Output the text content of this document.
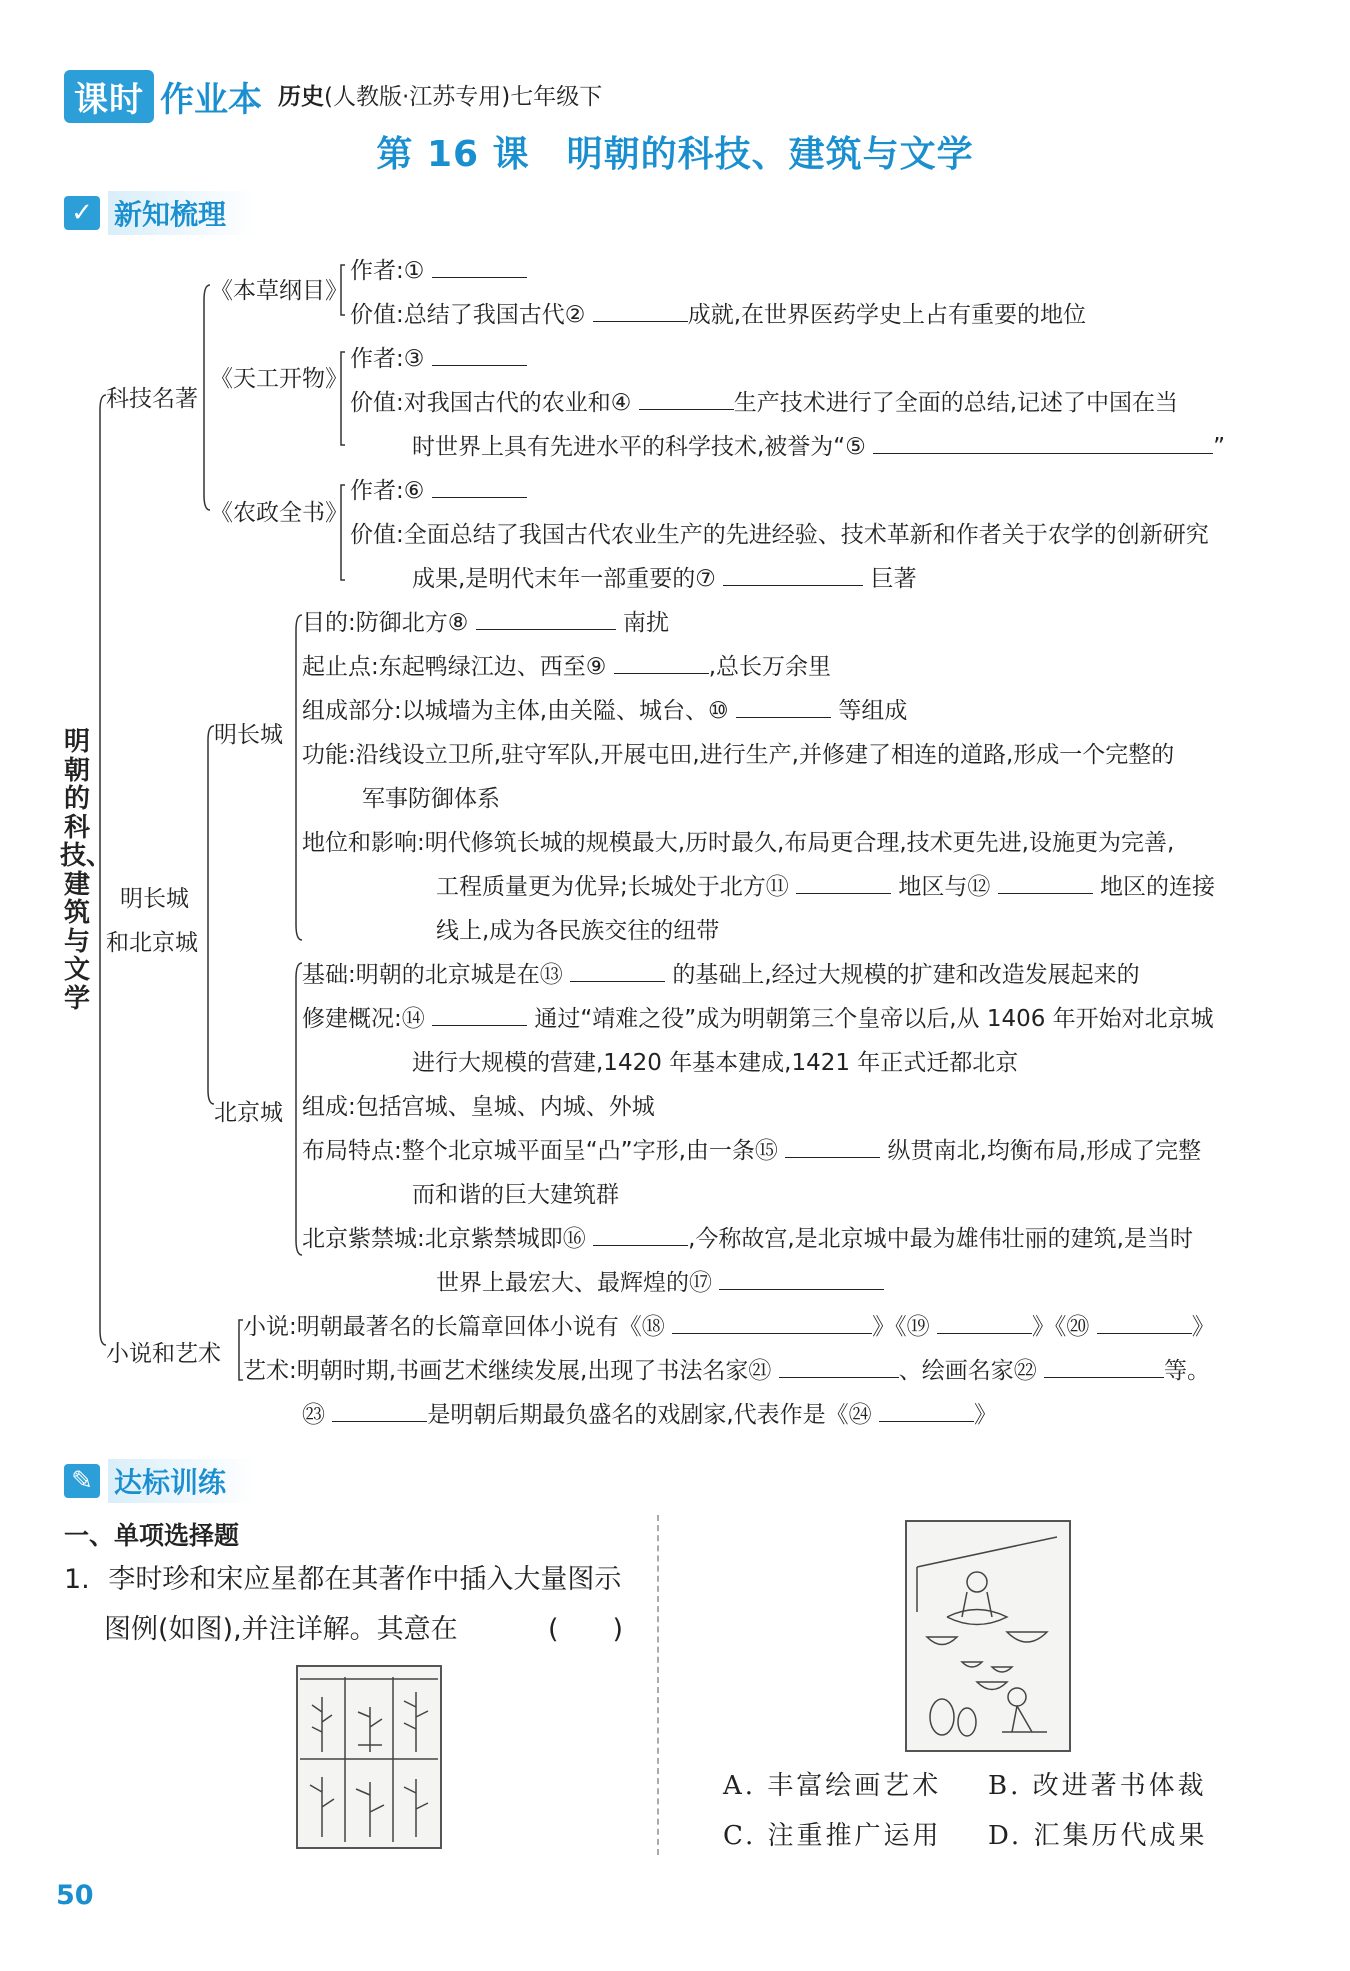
课时 作业本 历史(人教版·江苏专用)七年级下
第 16 课　明朝的科技、建筑与文学
✓ 新知梳理
明朝的科技、建筑与文学
科技名著
明长城
和北京城
小说和艺术
《本草纲目》
《天工开物》
《农政全书》
明长城
北京城
作者:①
价值:总结了我国古代②	成就,在世界医药学史上占有重要的地位
作者:③
价值:对我国古代的农业和④	生产技术进行了全面的总结,记述了中国在当
时世界上具有先进水平的科学技术,被誉为“⑤	”
作者:⑥
价值:全面总结了我国古代农业生产的先进经验、技术革新和作者关于农学的创新研究
成果,是明代末年一部重要的⑦	巨著
目的:防御北方⑧	南扰
起止点:东起鸭绿江边、西至⑨	,总长万余里
组成部分:以城墙为主体,由关隘、城台、⑩	等组成
功能:沿线设立卫所,驻守军队,开展屯田,进行生产,并修建了相连的道路,形成一个完整的
军事防御体系
地位和影响:明代修筑长城的规模最大,历时最久,布局更合理,技术更先进,设施更为完善,
工程质量更为优异;长城处于北方⑪	地区与⑫	地区的连接
线上,成为各民族交往的纽带
基础:明朝的北京城是在⑬	的基础上,经过大规模的扩建和改造发展起来的
修建概况:⑭	通过“靖难之役”成为明朝第三个皇帝以后,从 1406 年开始对北京城
进行大规模的营建,1420 年基本建成,1421 年正式迁都北京
组成:包括宫城、皇城、内城、外城
布局特点:整个北京城平面呈“凸”字形,由一条⑮	纵贯南北,均衡布局,形成了完整
而和谐的巨大建筑群
北京紫禁城:北京紫禁城即⑯	,今称故宫,是北京城中最为雄伟壮丽的建筑,是当时
世界上最宏大、最辉煌的⑰
小说:明朝最著名的长篇章回体小说有《⑱	》《⑲	》《⑳	》
艺术:明朝时期,书画艺术继续发展,出现了书法名家㉑	、绘画名家㉒	等。
㉓	是明朝后期最负盛名的戏剧家,代表作是《㉔	》
✎ 达标训练
一、单项选择题
1. 李时珍和宋应星都在其著作中插入大量图示
图例(如图),并注详解。其意在	(　　)
A. 丰富绘画艺术 B. 改进著书体裁
C. 注重推广运用 D. 汇集历代成果
50
